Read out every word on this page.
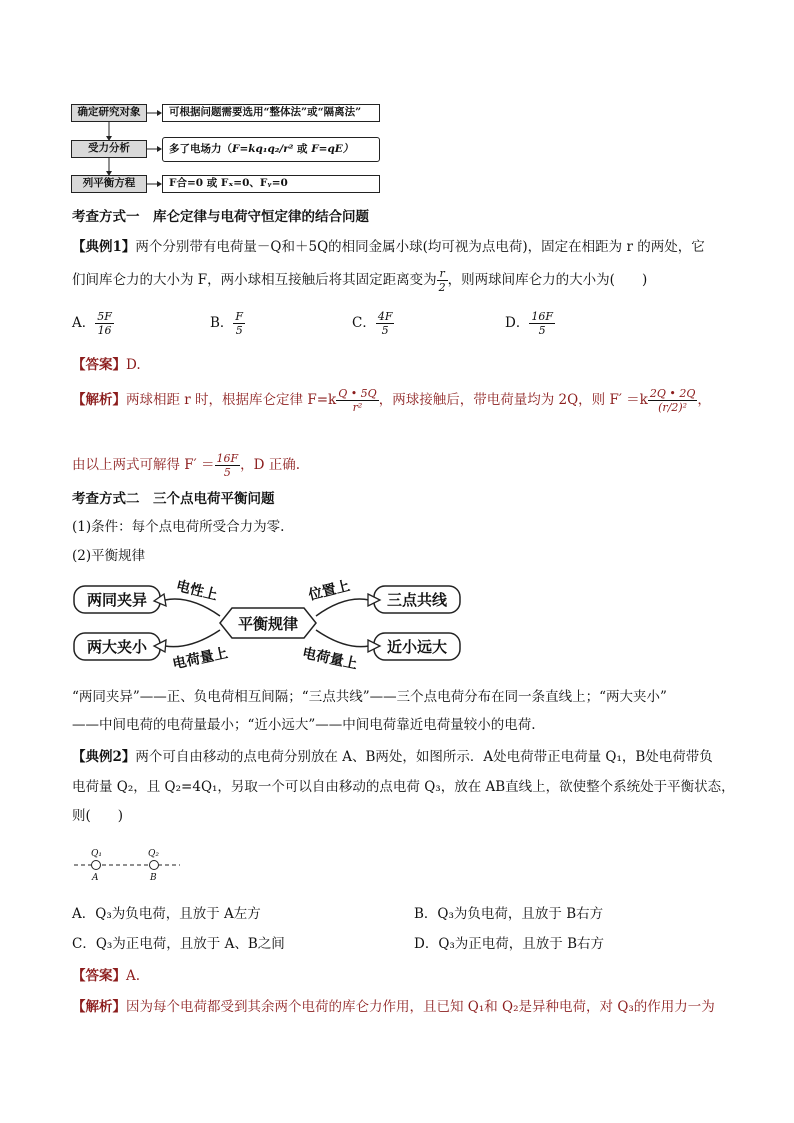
确定研究对象	可根据问题需要选用“整体法”或“隔离法”
受力分析	多了电场力（F=kq₁q₂/r² 或 F=qE）
列平衡方程	F合=0 或 Fₓ=0、Fᵧ=0
考查方式一　库仑定律与电荷守恒定律的结合问题
【典例1】两个分别带有电荷量－Q和＋5Q的相同金属小球(均可视为点电荷)，固定在相距为 r 的两处，它
们间库仑力的大小为 F，两小球相互接触后将其固定距离变为 $\frac{r}{2}$ ，则两球间库仑力的大小为(　　)
A． $\frac{5F}{16}$	B． $\frac{F}{5}$	C． $\frac{4F}{5}$	D． $\frac{16F}{5}$
【答案】D.
【解析】两球相距 r 时，根据库仑定律 $F=k \frac{Q • 5Q}{\text{r²}}$ ，两球接触后，带电荷量均为 2Q，则 $F' =k \frac{2Q • 2Q}{\text{(r/2)²}}$ ，
由以上两式可解得 $F' = \frac{16F}{5}$ ，D 正确.
考查方式二　三个点电荷平衡问题
(1)条件：每个点电荷所受合力为零.
(2)平衡规律
两同夹异
两大夹小
三点共线
近小远大
平衡规律
电性上
电荷量上
位置上
电荷量上
“两同夹异”——正、负电荷相互间隔；“三点共线”——三个点电荷分布在同一条直线上；“两大夹小”
——中间电荷的电荷量最小；“近小远大”——中间电荷靠近电荷量较小的电荷.
【典例2】两个可自由移动的点电荷分别放在 A、B两处，如图所示．A处电荷带正电荷量 Q₁，B处电荷带负
电荷量 Q₂，且 Q₂=4Q₁，另取一个可以自由移动的点电荷 Q₃，放在 AB直线上，欲使整个系统处于平衡状态，
则(　　)
Q₁	Q₂
A	B
A．Q₃为负电荷，且放于 A左方	B．Q₃为负电荷，且放于 B右方
C．Q₃为正电荷，且放于 A、B之间	D．Q₃为正电荷，且放于 B右方
【答案】A.
【解析】因为每个电荷都受到其余两个电荷的库仑力作用，且已知 Q₁和 Q₂是异种电荷，对 Q₃的作用力一为
